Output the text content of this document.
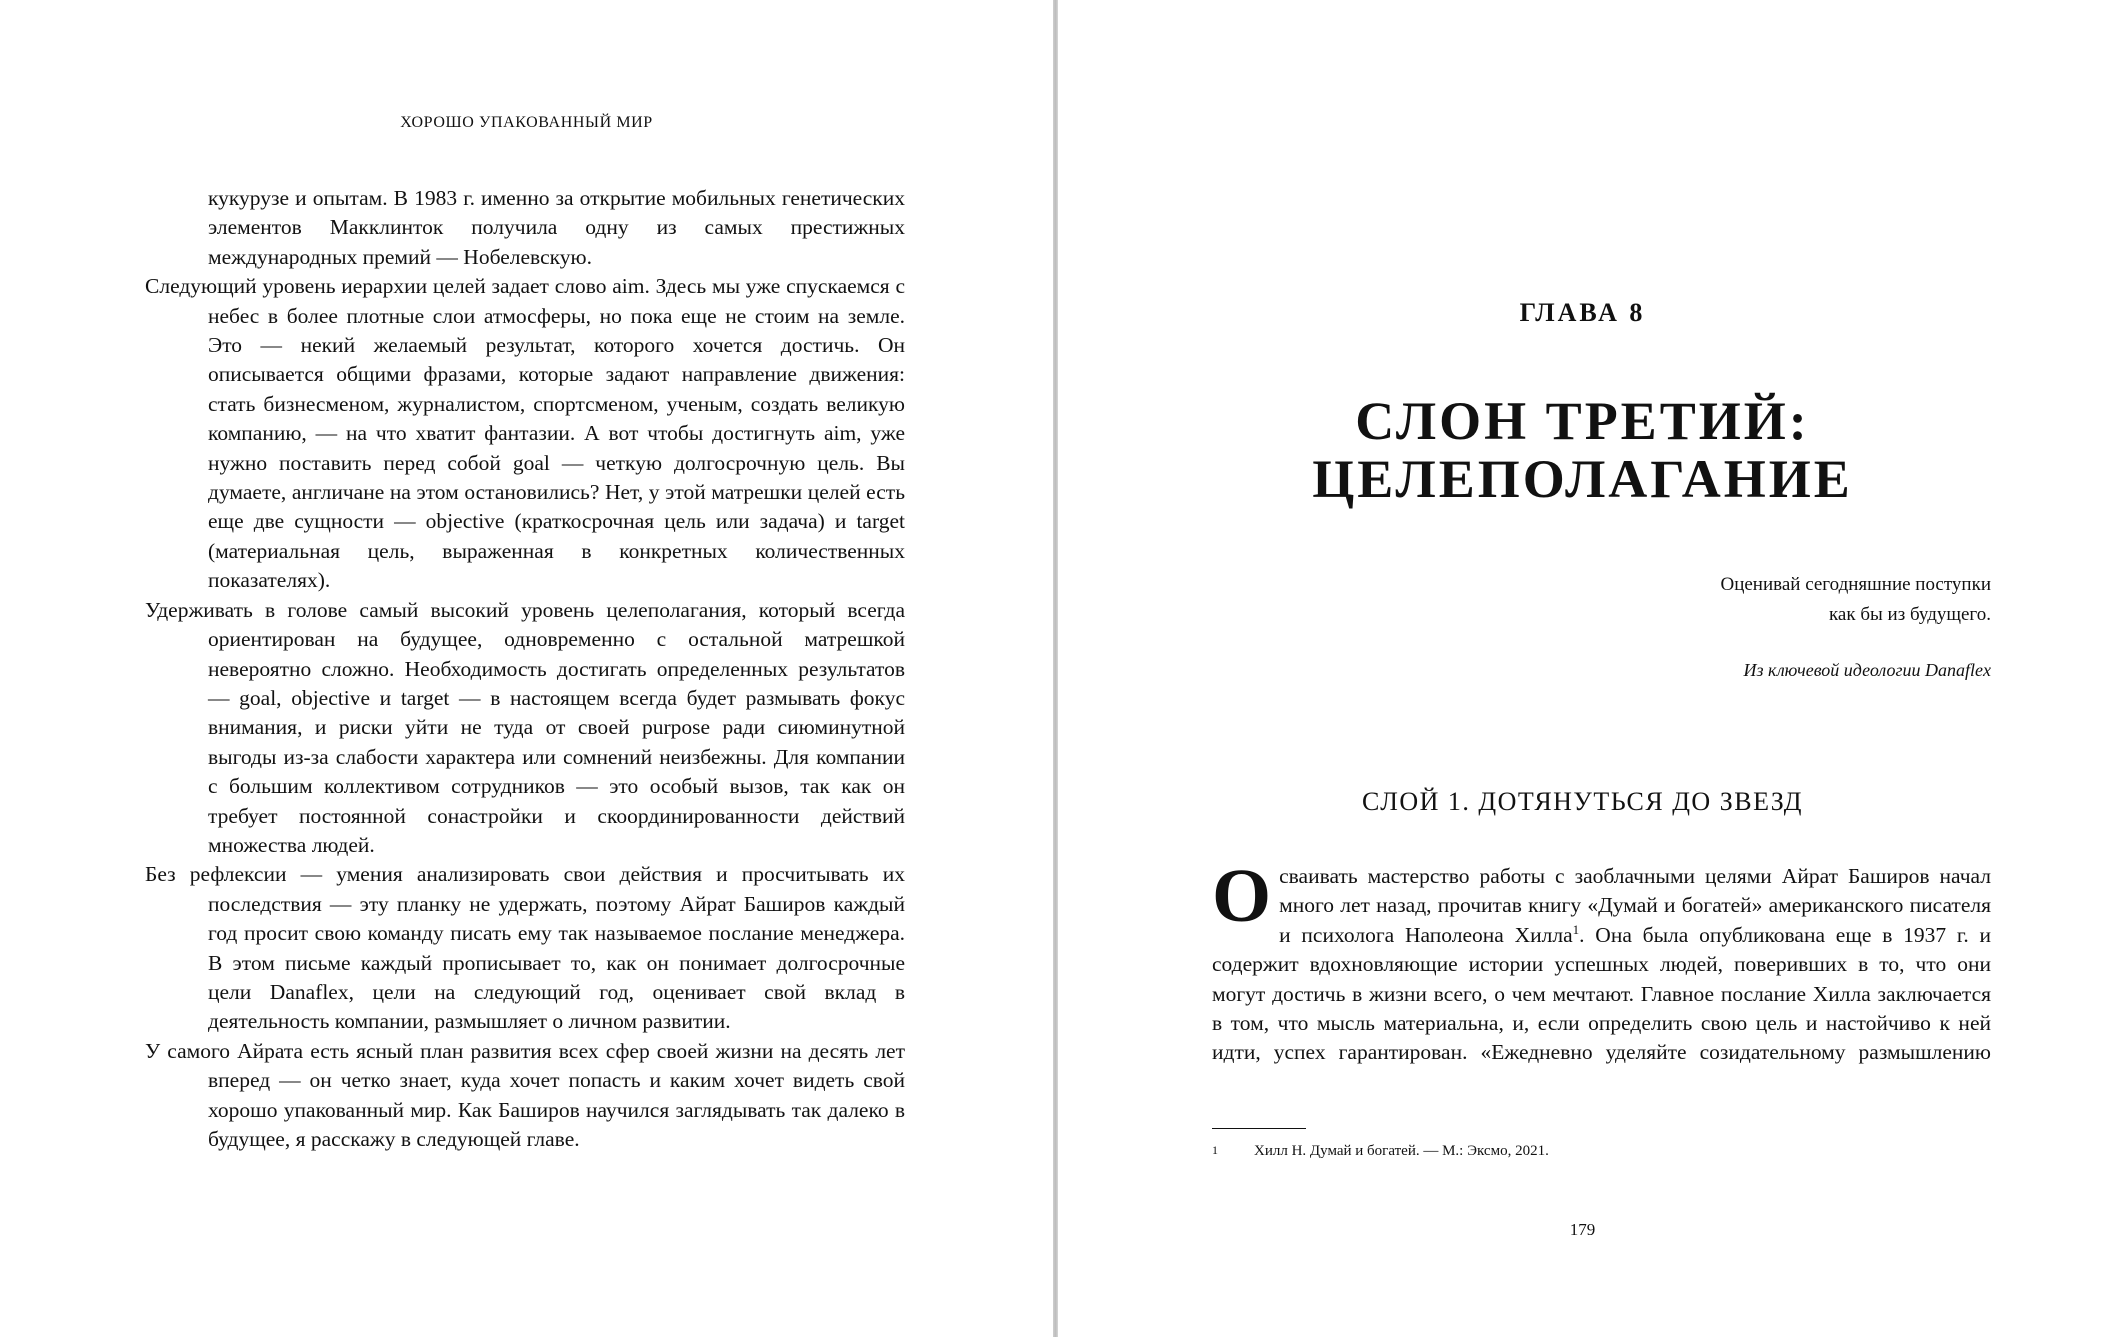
ХОРОШО УПАКОВАННЫЙ МИР

кукурузе и опытам. В 1983 г. именно за открытие мобильных генетических элементов Макклинток получила одну из самых престижных международных премий — Нобелевскую.

Следующий уровень иерархии целей задает слово aim. Здесь мы уже спускаемся с небес в более плотные слои атмосферы, но пока еще не стоим на земле. Это — некий желаемый результат, которого хочется достичь. Он описывается общими фразами, которые задают направление движения: стать бизнесменом, журналистом, спортсменом, ученым, создать великую компанию, — на что хватит фантазии. А вот чтобы достигнуть aim, уже нужно поставить перед собой goal — четкую долгосрочную цель. Вы думаете, англичане на этом остановились? Нет, у этой матрешки целей есть еще две сущности — objective (краткосрочная цель или задача) и target (материальная цель, выраженная в конкретных количественных показателях).

Удерживать в голове самый высокий уровень целеполагания, который всегда ориентирован на будущее, одновременно с остальной матрешкой невероятно сложно. Необходимость достигать определенных результатов — goal, objective и target — в настоящем всегда будет размывать фокус внимания, и риски уйти не туда от своей purpose ради сиюминутной выгоды из-за слабости характера или сомнений неизбежны. Для компании с большим коллективом сотрудников — это особый вызов, так как он требует постоянной сонастройки и скоординированности действий множества людей.

Без рефлексии — умения анализировать свои действия и просчитывать их последствия — эту планку не удержать, поэтому Айрат Баширов каждый год просит свою команду писать ему так называемое послание менеджера. В этом письме каждый прописывает то, как он понимает долгосрочные цели Danaflex, цели на следующий год, оценивает свой вклад в деятельность компании, размышляет о личном развитии.

У самого Айрата есть ясный план развития всех сфер своей жизни на десять лет вперед — он четко знает, куда хочет попасть и каким хочет видеть свой хорошо упакованный мир. Как Баширов научился заглядывать так далеко в будущее, я расскажу в следующей главе.

ГЛАВА 8
СЛОН ТРЕТИЙ:
ЦЕЛЕПОЛАГАНИЕ
Оценивай сегодняшние поступки
как бы из будущего.
Из ключевой идеологии Danaflex
СЛОЙ 1. ДОТЯНУТЬСЯ ДО ЗВЕЗД

Осваивать мастерство работы с заоблачными целями Айрат Баширов начал много лет назад, прочитав книгу «Думай и богатей» американского писателя и психолога Наполеона Хилла$^1$. Она была опубликована еще в 1937 г. и содержит вдохновляющие истории успешных людей, поверивших в то, что они могут достичь в жизни всего, о чем мечтают. Главное послание Хилла заключается в том, что мысль материальна, и, если определить свою цель и настойчиво к ней идти, успех гарантирован. «Ежедневно уделяйте созидательному размышлению

1 Хилл Н. Думай и богатей. — М.: Эксмо, 2021.
179
